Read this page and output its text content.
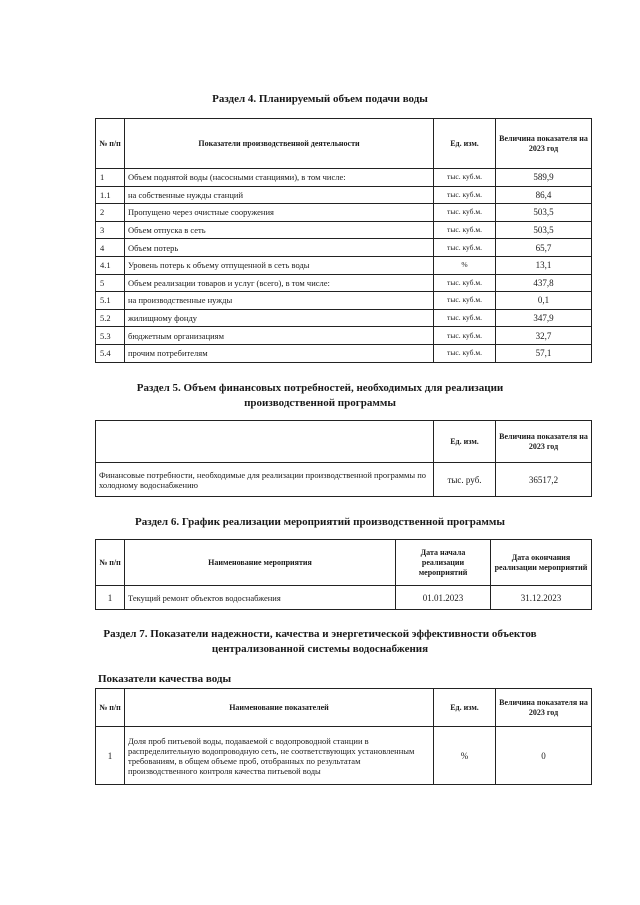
Раздел 4. Планируемый объем подачи воды
№ п/п	Показатели производственной деятельности	Ед. изм.	Величина показателя на 2023 год
1	Объем поднятой воды (насосными станциями), в том числе:	тыс. куб.м.	589,9
1.1	на собственные нужды станций	тыс. куб.м.	86,4
2	Пропущено через очистные сооружения	тыс. куб.м.	503,5
3	Объем отпуска в сеть	тыс. куб.м.	503,5
4	Объем потерь	тыс. куб.м.	65,7
4.1	Уровень потерь к объему отпущенной в сеть воды	%	13,1
5	Объем реализации товаров и услуг (всего), в том числе:	тыс. куб.м.	437,8
5.1	на производственные нужды	тыс. куб.м.	0,1
5.2	жилищному фонду	тыс. куб.м.	347,9
5.3	бюджетным организациям	тыс. куб.м.	32,7
5.4	прочим потребителям	тыс. куб.м.	57,1
Раздел 5. Объем финансовых потребностей, необходимых для реализации производственной программы
	Ед. изм.	Величина показателя на 2023 год
Финансовые потребности, необходимые для реализации производственной программы по холодному водоснабжению	тыс. руб.	36517,2
Раздел 6. График реализации мероприятий производственной программы
№ п/п	Наименование мероприятия	Дата начала реализации мероприятий	Дата окончания реализации мероприятий
1	Текущий ремонт объектов водоснабжения	01.01.2023	31.12.2023
Раздел 7. Показатели надежности, качества и энергетической эффективности объектов централизованной системы водоснабжения

Показатели качества воды

№ п/п	Наименование показателей	Ед. изм.	Величина показателя на 2023 год
1	Доля проб питьевой воды, подаваемой с водопроводной станции в распределительную водопроводную сеть, не соответствующих установленным требованиям, в общем объеме проб, отобранных по результатам производственного контроля качества питьевой воды	%	0
